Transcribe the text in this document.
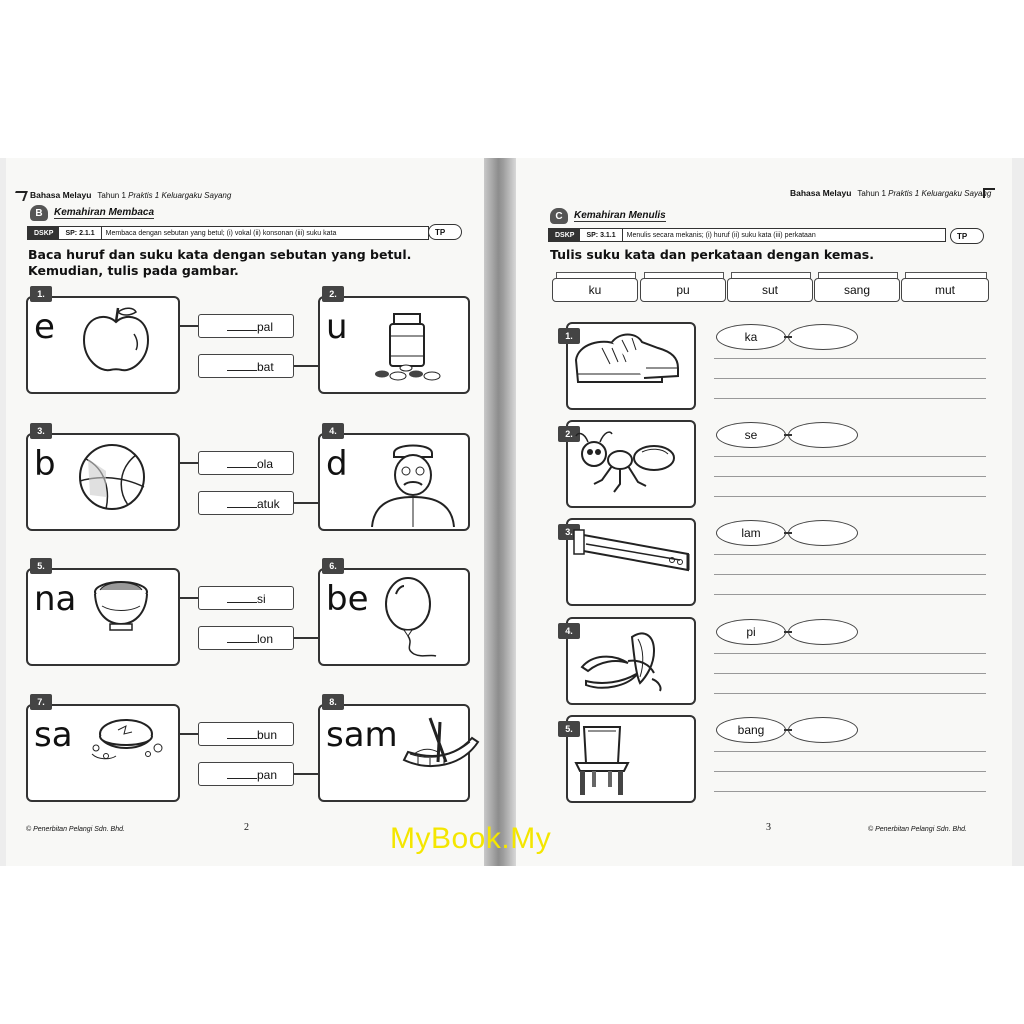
Bahasa Melayu Tahun 1 Praktis 1 Keluargaku Sayang
B	Kemahiran Membaca
DSKP	SP: 2.1.1	Membaca dengan sebutan yang betul; (i) vokal (ii) konsonan (iii) suku kata	TP
Baca huruf dan suku kata dengan sebutan yang betul. Kemudian, tulis pada gambar.
1.
e
2.
u
3.
b
4.
d
5.
na
6.
be
7.
sa
8.
sam
pal
bat
ola
atuk
si
lon
bun
pan
© Penerbitan Pelangi Sdn. Bhd.	2
Bahasa Melayu Tahun 1 Praktis 1 Keluargaku Sayang
C	Kemahiran Menulis
DSKP	SP: 3.1.1	Menulis secara mekanis; (i) huruf (ii) suku kata (iii) perkataan	TP
Tulis suku kata dan perkataan dengan kemas.
ku	pu	sut	sang	mut
1.	ka
2.	se
3.	lam
4.	pi
5.	bang
3	© Penerbitan Pelangi Sdn. Bhd.
MyBook.My
